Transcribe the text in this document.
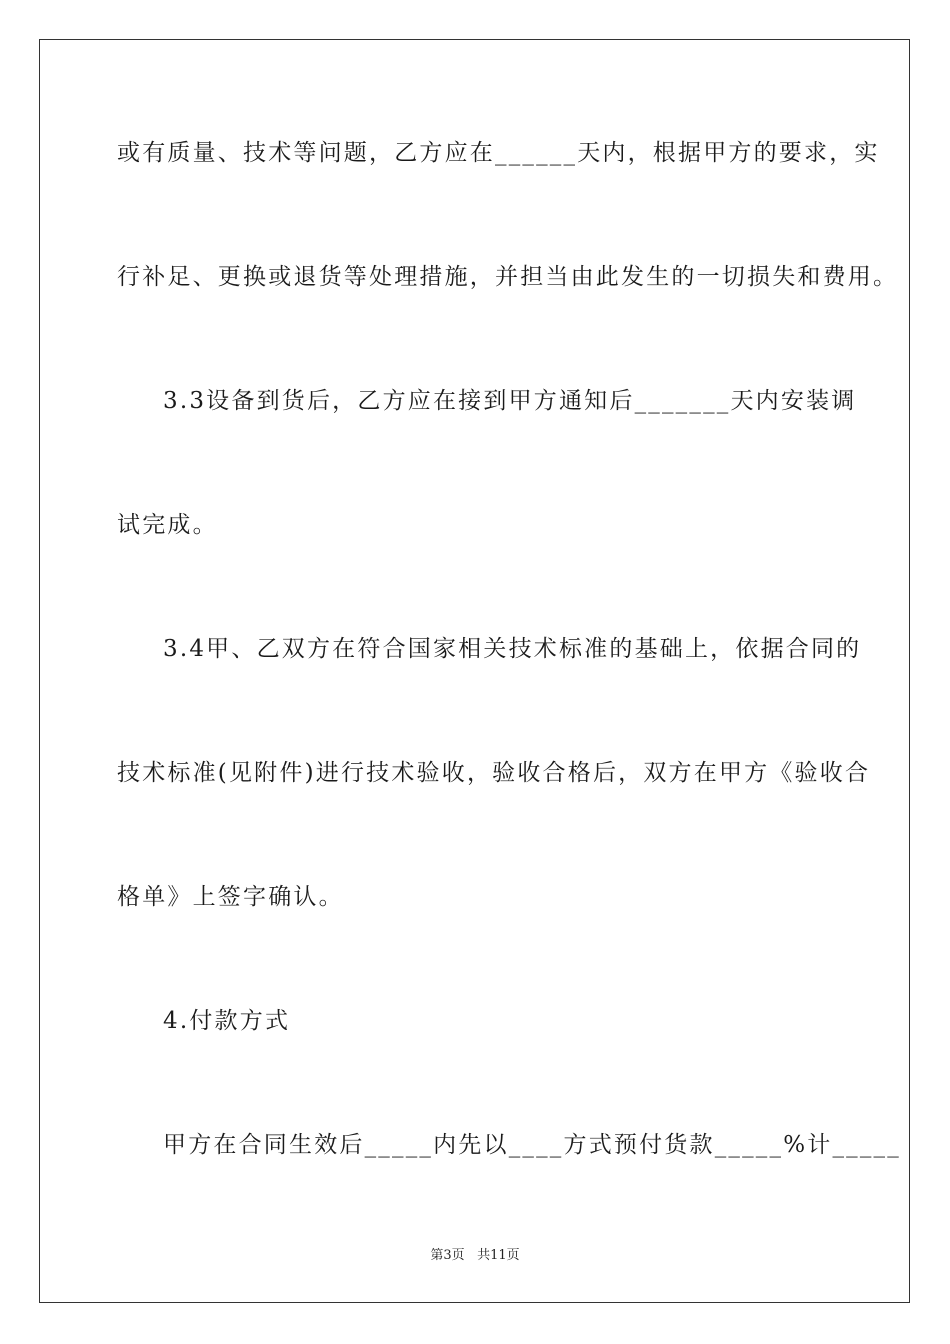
或有质量、技术等问题，乙方应在______天内，根据甲方的要求，实
行补足、更换或退货等处理措施，并担当由此发生的一切损失和费用。
3.3设备到货后，乙方应在接到甲方通知后_______天内安装调
试完成。
3.4甲、乙双方在符合国家相关技术标准的基础上，依据合同的
技术标准(见附件)进行技术验收，验收合格后，双方在甲方《验收合
格单》上签字确认。
4.付款方式
甲方在合同生效后_____内先以____方式预付货款_____%计_____
第3页 共11页
